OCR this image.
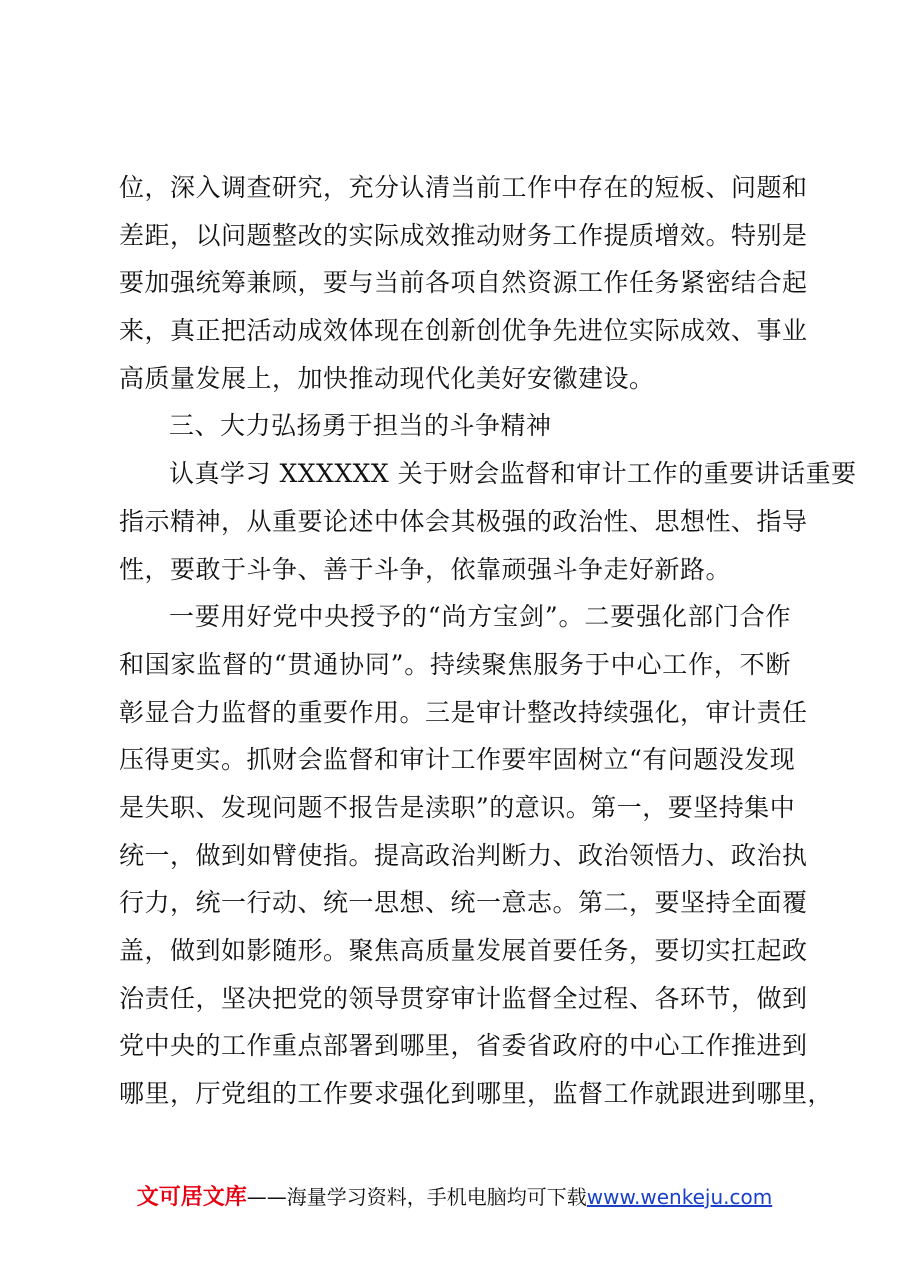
位，深入调查研究，充分认清当前工作中存在的短板、问题和
差距，以问题整改的实际成效推动财务工作提质增效。特别是
要加强统筹兼顾，要与当前各项自然资源工作任务紧密结合起
来，真正把活动成效体现在创新创优争先进位实际成效、事业
高质量发展上，加快推动现代化美好安徽建设。
三、大力弘扬勇于担当的斗争精神
认真学习 XXXXXX 关于财会监督和审计工作的重要讲话重要
指示精神，从重要论述中体会其极强的政治性、思想性、指导
性，要敢于斗争、善于斗争，依靠顽强斗争走好新路。
一要用好党中央授予的“尚方宝剑”。二要强化部门合作
和国家监督的“贯通协同”。持续聚焦服务于中心工作，不断
彰显合力监督的重要作用。三是审计整改持续强化，审计责任
压得更实。抓财会监督和审计工作要牢固树立“有问题没发现
是失职、发现问题不报告是渎职”的意识。第一，要坚持集中
统一，做到如臂使指。提高政治判断力、政治领悟力、政治执
行力，统一行动、统一思想、统一意志。第二，要坚持全面覆
盖，做到如影随形。聚焦高质量发展首要任务，要切实扛起政
治责任，坚决把党的领导贯穿审计监督全过程、各环节，做到
党中央的工作重点部署到哪里，省委省政府的中心工作推进到
哪里，厅党组的工作要求强化到哪里，监督工作就跟进到哪里，
文可居文库——海量学习资料，手机电脑均可下载www.wenkeju.com
